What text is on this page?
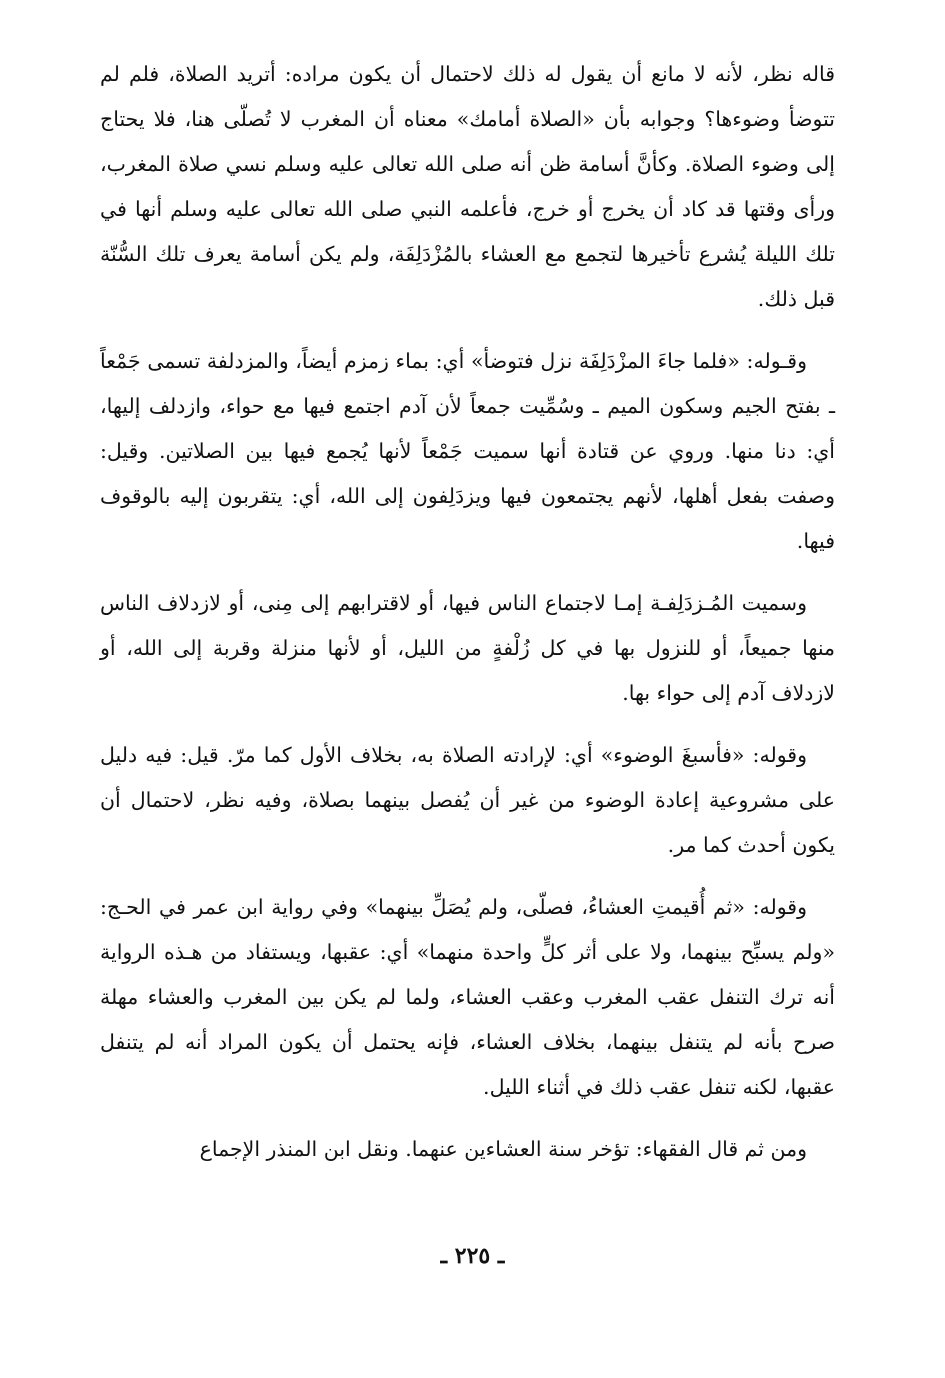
قاله نظر، لأنه لا مانع أن يقول له ذلك لاحتمال أن يكون مراده: أتريد الصلاة، فلم لم تتوضأ وضوءها؟ وجوابه بأن «الصلاة أمامك» معناه أن المغرب لا تُصلّى هنا، فلا يحتاج إلى وضوء الصلاة. وكأنَّ أسامة ظن أنه صلى الله تعالى عليه وسلم نسي صلاة المغرب، ورأى وقتها قد كاد أن يخرج أو خرج، فأعلمه النبي صلى الله تعالى عليه وسلم أنها في تلك الليلة يُشرع تأخيرها لتجمع مع العشاء بالمُزْدَلِفَة، ولم يكن أسامة يعرف تلك السُّنّة قبل ذلك.

وقـوله: «فلما جاءَ المزْدَلِفَة نزل فتوضأ» أي: بماء زمزم أيضاً، والمزدلفة تسمى جَمْعاً ـ بفتح الجيم وسكون الميم ـ وسُمِّيت جمعاً لأن آدم اجتمع فيها مع حواء، وازدلف إليها، أي: دنا منها. وروي عن قتادة أنها سميت جَمْعاً لأنها يُجمع فيها بين الصلاتين. وقيل: وصفت بفعل أهلها، لأنهم يجتمعون فيها ويزدَلِفون إلى الله، أي: يتقربون إليه بالوقوف فيها.

وسميت المُـزدَلِفـة إمـا لاجتماع الناس فيها، أو لاقترابهم إلى مِنى، أو لازدلاف الناس منها جميعاً، أو للنزول بها في كل زُلْفةٍ من الليل، أو لأنها منزلة وقربة إلى الله، أو لازدلاف آدم إلى حواء بها.

وقوله: «فأسبغَ الوضوء» أي: لإرادته الصلاة به، بخلاف الأول كما مرّ. قيل: فيه دليل على مشروعية إعادة الوضوء من غير أن يُفصل بينهما بصلاة، وفيه نظر، لاحتمال أن يكون أحدث كما مر.

وقوله: «ثم أُقيمتِ العشاءُ، فصلّى، ولم يُصَلِّ بينهما» وفي رواية ابن عمر في الحـج: «ولم يسبِّح بينهما، ولا على أثر كلٍّ واحدة منهما» أي: عقبها، ويستفاد من هـذه الرواية أنه ترك التنفل عقب المغرب وعقب العشاء، ولما لم يكن بين المغرب والعشاء مهلة صرح بأنه لم يتنفل بينهما، بخلاف العشاء، فإنه يحتمل أن يكون المراد أنه لم يتنفل عقبها، لكنه تنفل عقب ذلك في أثناء الليل.

ومن ثم قال الفقهاء: تؤخر سنة العشاءين عنهما. ونقل ابن المنذر الإجماع

ـ ٢٢٥ ـ
